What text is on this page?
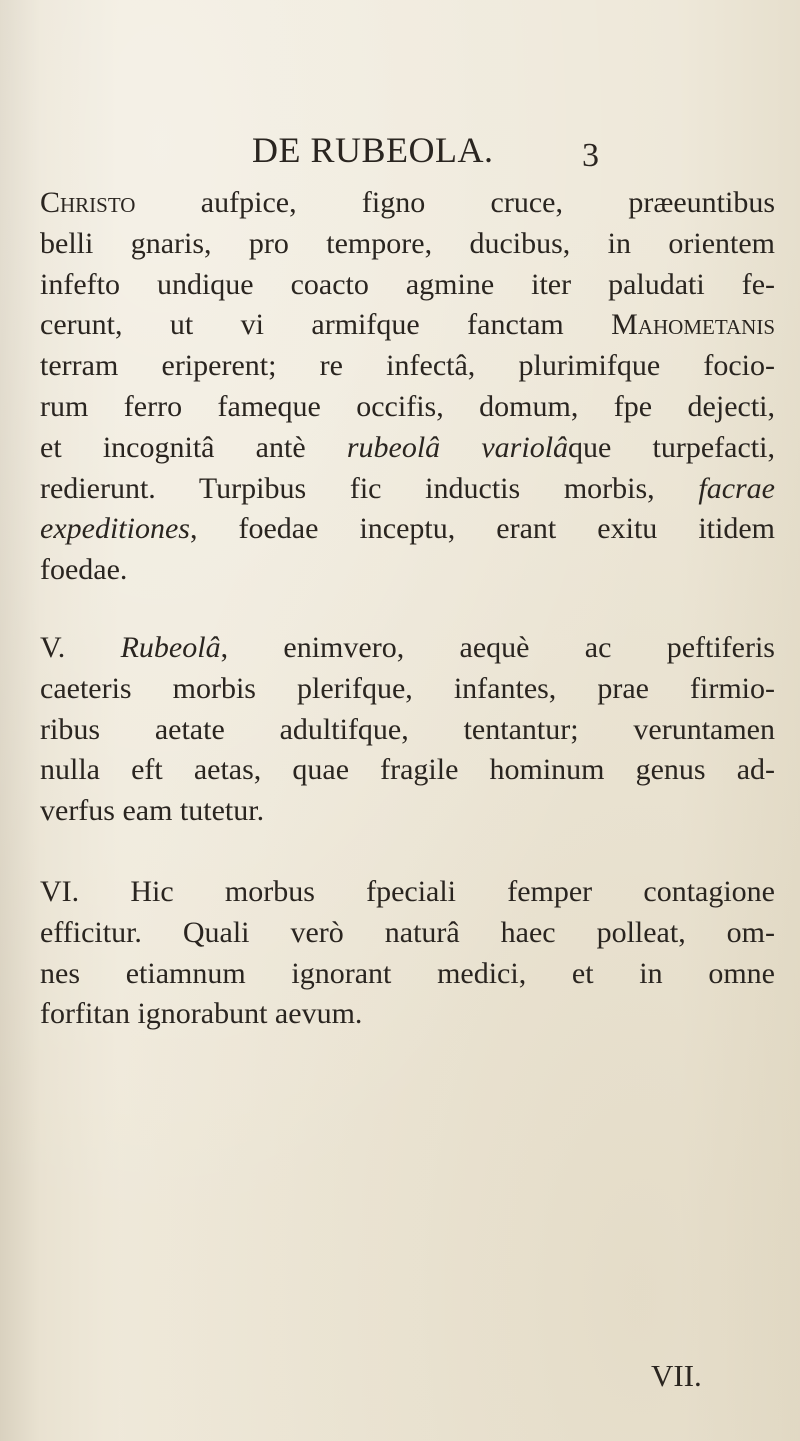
DE RUBEOLA.	3
Christo aufpice, figno cruce, præeuntibus
belli gnaris, pro tempore, ducibus, in orientem
infefto undique coacto agmine iter paludati fe-
cerunt, ut vi armifque fanctam Mahometanis
terram eriperent; re infectâ, plurimifque focio-
rum ferro fameque occifis, domum, fpe dejecti,
et incognitâ antè rubeolâ variolâque turpefacti,
redierunt. Turpibus fic inductis morbis, facrae
expeditiones, foedae inceptu, erant exitu itidem
foedae.
V. Rubeolâ, enimvero, aequè ac peftiferis
caeteris morbis plerifque, infantes, prae firmio-
ribus aetate adultifque, tentantur; veruntamen
nulla eft aetas, quae fragile hominum genus ad-
verfus eam tutetur.
VI. Hic morbus fpeciali femper contagione
efficitur. Quali verò naturâ haec polleat, om-
nes etiamnum ignorant medici, et in omne
forfitan ignorabunt aevum.
VII.
